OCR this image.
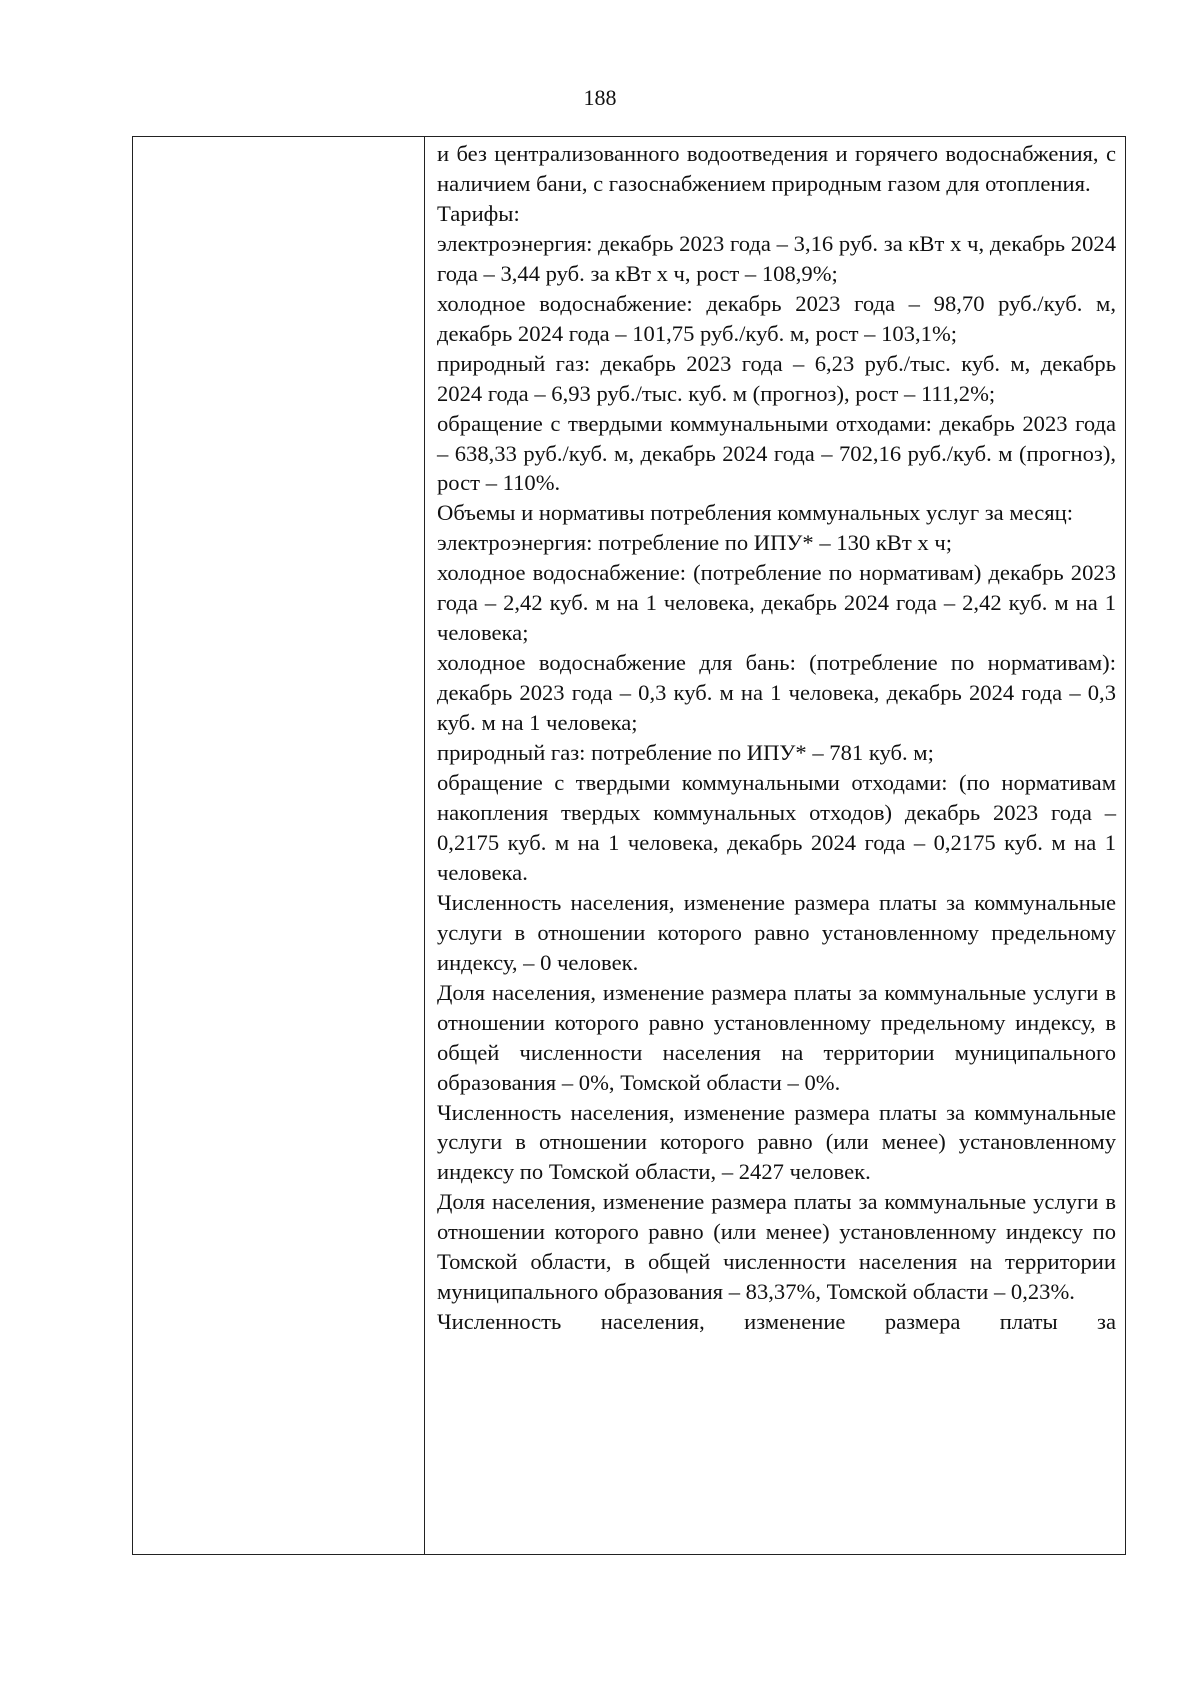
188

и без централизованного водоотведения и горячего водоснабжения, с наличием бани, с газоснабжением природным газом для отопления.

Тарифы:

электроэнергия: декабрь 2023 года – 3,16 руб. за кВт х ч, декабрь 2024 года – 3,44 руб. за кВт х ч, рост – 108,9%;

холодное водоснабжение: декабрь 2023 года – 98,70 руб./куб. м, декабрь 2024 года – 101,75 руб./куб. м, рост – 103,1%;

природный газ: декабрь 2023 года – 6,23 руб./тыс. куб. м, декабрь 2024 года – 6,93 руб./тыс. куб. м (прогноз), рост – 111,2%;

обращение с твердыми коммунальными отходами: декабрь 2023 года – 638,33 руб./куб. м, декабрь 2024 года – 702,16 руб./куб. м (прогноз), рост – 110%.

Объемы и нормативы потребления коммунальных услуг за месяц:

электроэнергия: потребление по ИПУ* – 130 кВт х ч;

холодное водоснабжение: (потребление по нормативам) декабрь 2023 года – 2,42 куб. м на 1 человека, декабрь 2024 года – 2,42 куб. м на 1 человека;

холодное водоснабжение для бань: (потребление по нормативам): декабрь 2023 года – 0,3 куб. м на 1 человека, декабрь 2024 года – 0,3 куб. м на 1 человека;

природный газ: потребление по ИПУ* – 781 куб. м;

обращение с твердыми коммунальными отходами: (по нормативам накопления твердых коммунальных отходов) декабрь 2023 года – 0,2175 куб. м на 1 человека, декабрь 2024 года – 0,2175 куб. м на 1 человека.

Численность населения, изменение размера платы за коммунальные услуги в отношении которого равно установленному предельному индексу, – 0 человек.

Доля населения, изменение размера платы за коммунальные услуги в отношении которого равно установленному предельному индексу, в общей численности населения на территории муниципального образования – 0%, Томской области – 0%.

Численность населения, изменение размера платы за коммунальные услуги в отношении которого равно (или менее) установленному индексу по Томской области, – 2427 человек.

Доля населения, изменение размера платы за коммунальные услуги в отношении которого равно (или менее) установленному индексу по Томской области, в общей численности населения на территории муниципального образования – 83,37%, Томской области – 0,23%.

Численность населения, изменение размера платы за
